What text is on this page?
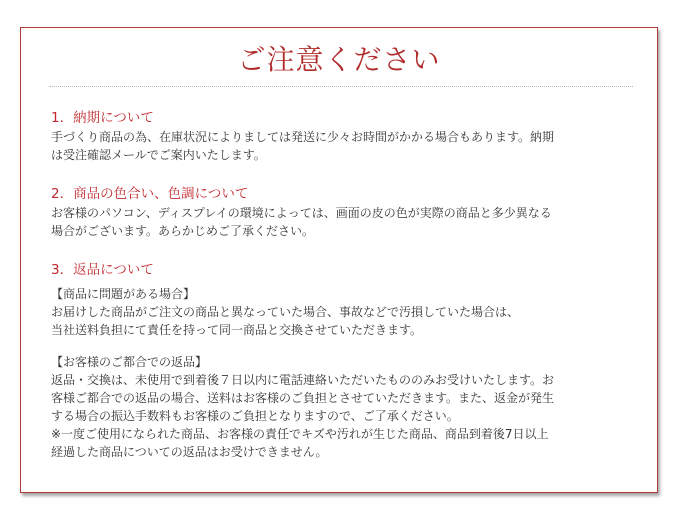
ご注意ください
1．納期について

手づくり商品の為、在庫状況によりましては発送に少々お時間がかかる場合もあります。納期
は受注確認メールでご案内いたします。

2．商品の色合い、色調について

お客様のパソコン、ディスプレイの環境によっては、画面の皮の色が実際の商品と多少異なる
場合がございます。あらかじめご了承ください。

3．返品について

【商品に問題がある場合】
お届けした商品がご注文の商品と異なっていた場合、事故などで汚損していた場合は、
当社送料負担にて責任を持って同一商品と交換させていただきます。

【お客様のご都合での返品】
返品・交換は、未使用で到着後７日以内に電話連絡いただいたもののみお受けいたします。お
客様ご都合での返品の場合、送料はお客様のご負担とさせていただきます。また、返金が発生
する場合の振込手数料もお客様のご負担となりますので、ご了承ください。
※一度ご使用になられた商品、お客様の責任でキズや汚れが生じた商品、商品到着後7日以上
経過した商品についての返品はお受けできません。
